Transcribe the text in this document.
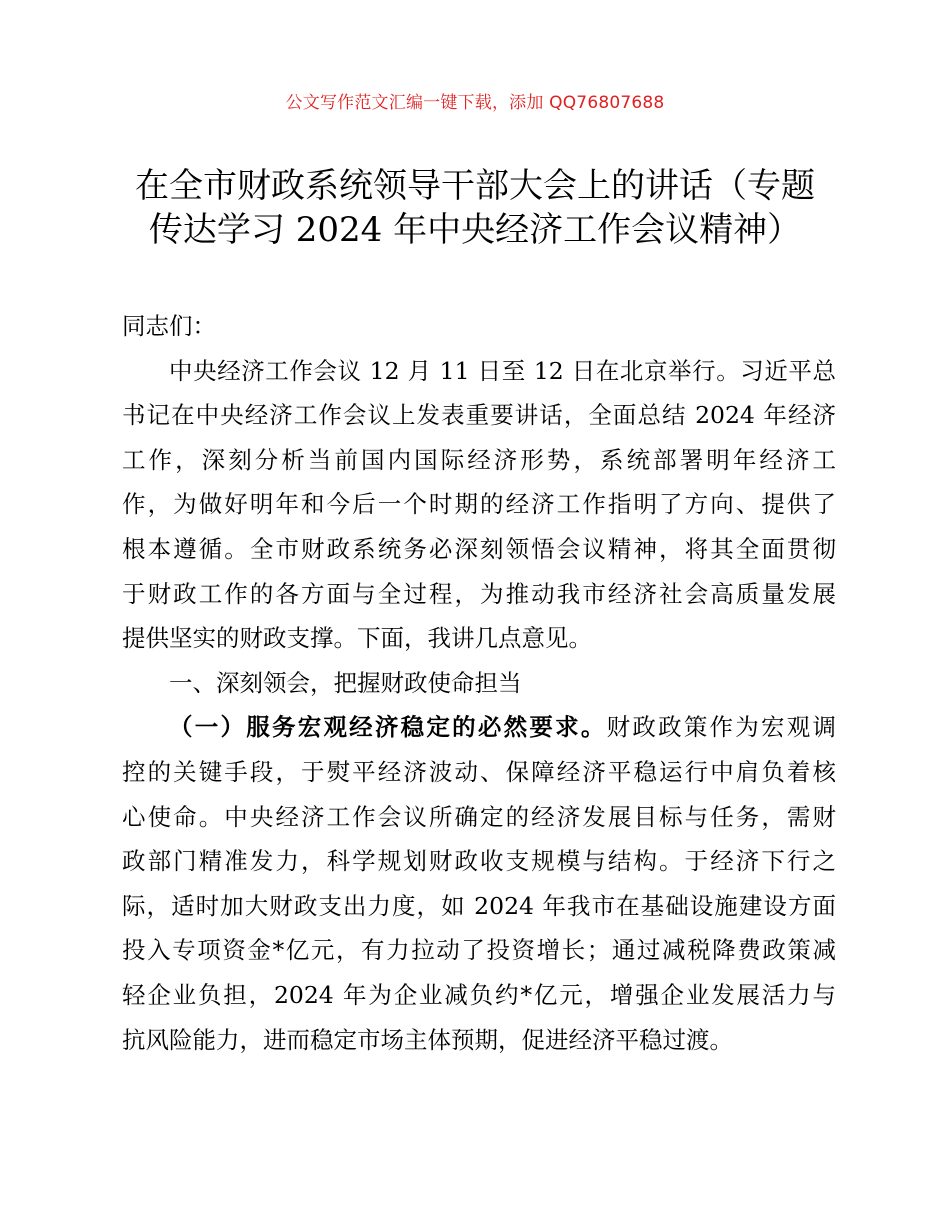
公文写作范文汇编一键下载，添加 QQ76807688
在全市财政系统领导干部大会上的讲话（专题
传达学习 2024 年中央经济工作会议精神）
同志们：
中央经济工作会议 12 月 11 日至 12 日在北京举行。习近平总
书记在中央经济工作会议上发表重要讲话，全面总结 2024 年经济
工作，深刻分析当前国内国际经济形势，系统部署明年经济工
作，为做好明年和今后一个时期的经济工作指明了方向、提供了
根本遵循。全市财政系统务必深刻领悟会议精神，将其全面贯彻
于财政工作的各方面与全过程，为推动我市经济社会高质量发展
提供坚实的财政支撑。下面，我讲几点意见。
一、深刻领会，把握财政使命担当
（一）服务宏观经济稳定的必然要求。财政政策作为宏观调
控的关键手段，于熨平经济波动、保障经济平稳运行中肩负着核
心使命。中央经济工作会议所确定的经济发展目标与任务，需财
政部门精准发力，科学规划财政收支规模与结构。于经济下行之
际，适时加大财政支出力度，如 2024 年我市在基础设施建设方面
投入专项资金*亿元，有力拉动了投资增长；通过减税降费政策减
轻企业负担，2024 年为企业减负约*亿元，增强企业发展活力与
抗风险能力，进而稳定市场主体预期，促进经济平稳过渡。
